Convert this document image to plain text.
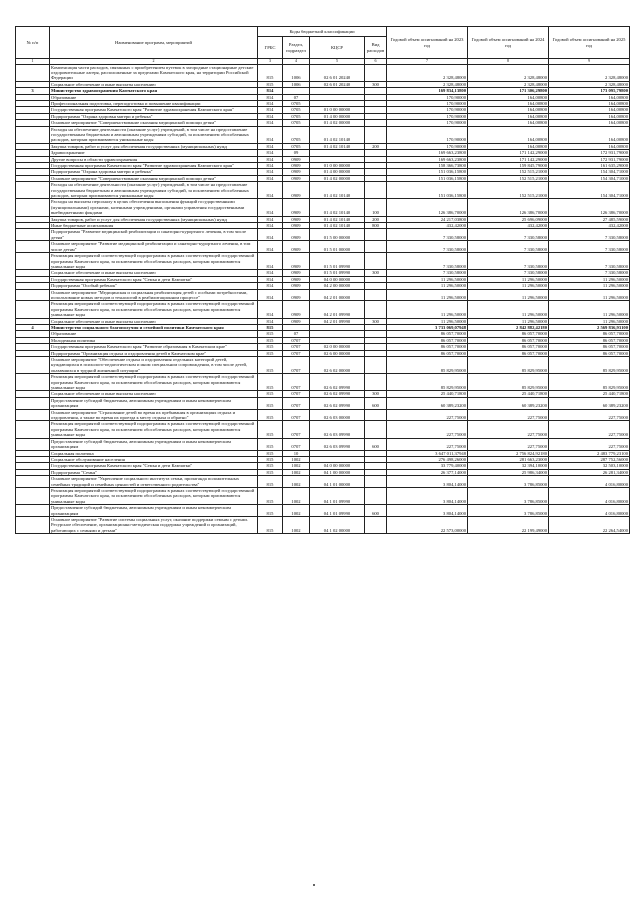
№ п/п	Наименование программ, мероприятий	Коды бюджетной классификации				Годовой объем ассигнований на 2023 год	Годовой объем ассигнований на 2024 год	Годовой объем ассигнований на 2025 год
		ГРБС	Раздел, подраздел	КЦСР	Вид расходов			
1	2	3	4	5	6	7	8	9
	Компенсация части расходов, связанных с приобретением путевок в загородные стационарные детские оздоровительные лагеря, расположенные за пределами Камчатского края, на территории Российской Федерации	815	1006	02 6 01 20240		2 328,48000	2 328,48000	2 328,48000
	Социальное обеспечение и иные выплаты населению	815	1006	02 6 01 20240	300	2 328,48000	2 328,48000	2 328,48000
3	Министерство здравоохранения Камчатского края	814				169 834,13800	171 306,29800	173 095,79800
	Образование	814	07			170,90000	164,00800	164,00800
	Профессиональная подготовка, переподготовка и повышение квалификации	814	0705			170,90000	164,00800	164,00800
	Государственная программа Камчатского края "Развитие здравоохранения Камчатского края"	814	0705	01 0 00 00000		170,90000	164,00800	164,00800
	Подпрограмма "Охрана здоровья матери и ребенка"	814	0705	01 4 00 00000		170,90000	164,00800	164,00800
	Основное мероприятие "Совершенствование оказания медицинской помощи детям"	814	0705	01 4 02 00000		170,90000	164,00800	164,00800
	Расходы на обеспечение деятельности (оказание услуг) учреждений, в том числе на предоставление государственным бюджетным и автономным учреждениям субсидий, за исключением обособленных расходов, которым присваиваются уникальные коды	814	0705	01 4 02 10140		170,90000	164,00800	164,00800
	Закупка товаров, работ и услуг для обеспечения государственных (муниципальных) нужд	814	0705	01 4 02 10140	200	170,90000	164,00800	164,00800
	Здравоохранение	814	09			169 663,23800	171 142,29000	172 931,79000
	Другие вопросы в области здравоохранения	814	0909			169 663,23800	171 142,29000	172 931,79000
	Государственная программа Камчатского края "Развитие здравоохранения Камчатского края"	814	0909	01 0 00 00000		158 366,73800	159 845,79000	161 635,29000
	Подпрограмма "Охрана здоровья матери и ребенка"	814	0909	01 4 00 00000		151 036,15800	152 515,21000	154 304,71000
	Основное мероприятие "Совершенствование оказания медицинской помощи детям"	814	0909	01 4 02 00000		151 036,15800	152 515,21000	154 304,71000
	Расходы на обеспечение деятельности (оказание услуг) учреждений, в том числе на предоставление государственным бюджетным и автономным учреждениям субсидий, за исключением обособленных расходов, которым присваиваются уникальные коды	814	0909	01 4 02 10140		151 036,15800	152 515,21000	154 304,71000
	Расходы на выплаты персоналу в целях обеспечения выполнения функций государственными (муниципальными) органами, казенными учреждениями, органами управления государственными внебюджетными фондами	814	0909	01 4 02 10140	100	126 386,70000	126 386,70000	126 386,70000
	Закупка товаров, работ и услуг для обеспечения государственных (муниципальных) нужд	814	0909	01 4 02 10140	200	24 217,03800	25 696,09000	27 485,59000
	Иные бюджетные ассигнования	814	0909	01 4 02 10140	800	432,42000	432,42000	432,42000
	Подпрограмма "Развитие медицинской реабилитации и санаторно-курортного лечения, в том числе детям"	814	0909	01 5 00 00000		7 330,58000	7 330,58000	7 330,58000
	Основное мероприятие "Развитие медицинской реабилитации и санаторно-курортного лечения, в том числе детям"	814	0909	01 5 01 00000		7 330,58000	7 330,58000	7 330,58000
	Реализация мероприятий соответствующей подпрограммы в рамках соответствующей государственной программы Камчатского края, за исключением обособленных расходов, которым присваиваются уникальные коды	814	0909	01 5 01 09990		7 330,58000	7 330,58000	7 330,58000
	Социальное обеспечение и иные выплаты населению	814	0909	01 5 01 09990	300	7 330,58000	7 330,58000	7 330,58000
	Государственная программа Камчатского края "Семья и дети Камчатки"	814	0909	04 0 00 00000		11 296,50000	11 296,50000	11 296,50000
	Подпрограмма "Особый ребенок"	814	0909	04 2 00 00000		11 296,50000	11 296,50000	11 296,50000
	Основное мероприятие "Медицинская и социальная реабилитация детей с особыми потребностями, использование новых методов и технологий в реабилитационном процессе"	814	0909	04 2 01 00000		11 296,50000	11 296,50000	11 296,50000
	Реализация мероприятий соответствующей подпрограммы в рамках соответствующей государственной программы Камчатского края, за исключением обособленных расходов, которым присваиваются уникальные коды	814	0909	04 2 01 09990		11 296,50000	11 296,50000	11 296,50000
	Социальное обеспечение и иные выплаты населению	814	0909	04 2 01 09990	300	11 296,50000	11 296,50000	11 296,50000
4	Министерство социального благополучия и семейной политики Камчатского края	815				3 733 069,07948	2 842 882,42180	2 569 836,93100
	Образование	815	07			86 057,70000	86 057,70000	86 057,70000
	Молодежная политика	815	0707			86 057,70000	86 057,70000	86 057,70000
	Государственная программа Камчатского края "Развитие образования в Камчатском крае"	815	0707	02 0 00 00000		86 057,70000	86 057,70000	86 057,70000
	Подпрограмма "Организация отдыха и оздоровления детей в Камчатском крае"	815	0707	02 6 00 00000		86 057,70000	86 057,70000	86 057,70000
	Основное мероприятие "Обеспечение отдыха и оздоровления отдельных категорий детей, нуждающихся в психолого-педагогическом и ином специальном сопровождении, в том числе детей, оказавшихся в трудной жизненной ситуации"	815	0707	02 6 02 00000		85 829,95000	85 829,95000	85 829,95000
	Реализация мероприятий соответствующей подпрограммы в рамках соответствующей государственной программы Камчатского края, за исключением обособленных расходов, которым присваиваются уникальные коды	815	0707	02 6 02 09990		85 829,95000	85 829,95000	85 829,95000
	Социальное обеспечение и иные выплаты населению	815	0707	02 6 02 09990	300	25 440,71800	25 440,71800	25 440,71800
	Предоставление субсидий бюджетным, автономным учреждениям и иным некоммерческим организациям	815	0707	02 6 02 09990	600	60 389,23200	60 389,23200	60 389,23200
	Основное мероприятие "Страхование детей во время их пребывания в организациях отдыха и оздоровления, а также во время их проезда к месту отдыха и обратно"	815	0707	02 6 03 00000		227,75000	227,75000	227,75000
	Реализация мероприятий соответствующей подпрограммы в рамках соответствующей государственной программы Камчатского края, за исключением обособленных расходов, которым присваиваются уникальные коды	815	0707	02 6 03 09990		227,75000	227,75000	227,75000
	Предоставление субсидий бюджетным, автономным учреждениям и иным некоммерческим организациям	815	0707	02 6 03 09990	600	227,75000	227,75000	227,75000
	Социальная политика	815	10			3 647 011,37948	2 756 824,92180	2 483 779,23100
	Социальное обслуживание населения	815	1002			276 498,26000	281 663,23000	287 752,56000
	Государственная программа Камчатского края "Семья и дети Камчатки"	815	1002	04 0 00 00000		33 779,40000	32 394,10000	32 503,10000
	Подпрограмма "Семья"	815	1002	04 1 00 00000		26 377,14000	25 986,34000	26 281,34000
	Основное мероприятие "Укрепление социального института семьи, пропаганда положительных семейных традиций и семейных ценностей и ответственного родительства"	815	1002	04 1 01 00000		3 804,14000	3 786,85000	4 016,80000
	Реализация мероприятий соответствующей подпрограммы в рамках соответствующей государственной программы Камчатского края, за исключением обособленных расходов, которым присваиваются уникальные коды	815	1002	04 1 01 09990		3 804,14000	3 786,85000	4 016,80000
	Предоставление субсидий бюджетным, автономным учреждениям и иным некоммерческим организациям	815	1002	04 1 01 09990	600	3 804,14000	3 786,85000	4 016,80000
	Основное мероприятие "Развитие системы социальных услуг, оказание поддержки семьям с детьми. Ресурсное обеспечение, организационно-методическая поддержка учреждений и организаций, работающих с семьями и детьми"	815	1002	04 1 02 00000		22 573,00000	22 199,49000	22 264,54000
